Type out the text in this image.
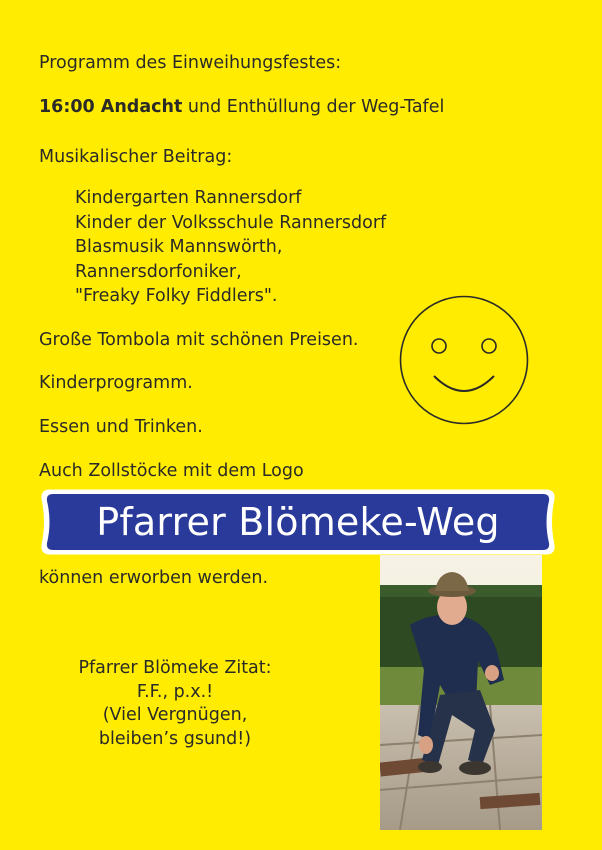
Programm des Einweihungsfestes:
16:00 Andacht und Enthüllung der Weg-Tafel
Musikalischer Beitrag:
Kindergarten Rannersdorf
Kinder der Volksschule Rannersdorf
Blasmusik Mannswörth,
Rannersdorfoniker,
"Freaky Folky Fiddlers".
Große Tombola mit schönen Preisen.
Kinderprogramm.
Essen und Trinken.
Auch Zollstöcke mit dem Logo
Pfarrer Blömeke-Weg
können erworben werden.
Pfarrer Blömeke Zitat:
F.F., p.x.!
(Viel Vergnügen,
bleiben’s gsund!)
